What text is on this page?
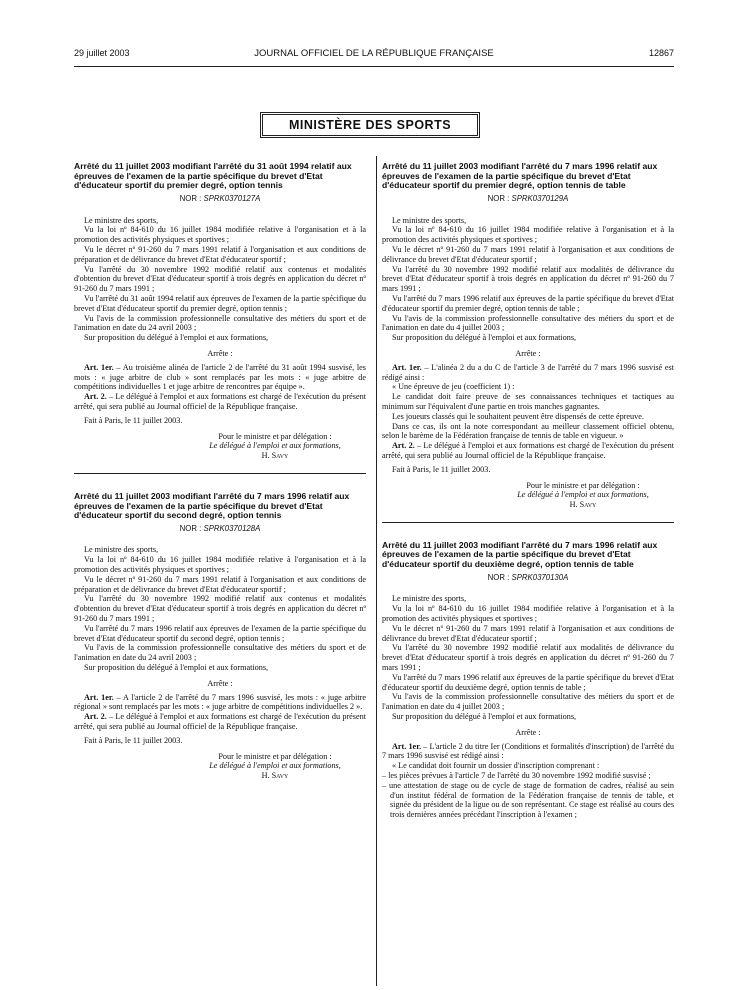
29 juillet 2003	JOURNAL OFFICIEL DE LA RÉPUBLIQUE FRANÇAISE	12867
MINISTÈRE DES SPORTS

Arrêté du 11 juillet 2003 modifiant l'arrêté du 31 août 1994 relatif aux épreuves de l'examen de la partie spécifique du brevet d'Etat d'éducateur sportif du premier degré, option tennis

NOR : SPRK0370127A

Le ministre des sports,

Vu la loi nº 84-610 du 16 juillet 1984 modifiée relative à l'organisation et à la promotion des activités physiques et sportives ;

Vu le décret nº 91-260 du 7 mars 1991 relatif à l'organisation et aux conditions de préparation et de délivrance du brevet d'Etat d'éducateur sportif ;

Vu l'arrêté du 30 novembre 1992 modifié relatif aux contenus et modalités d'obtention du brevet d'Etat d'éducateur sportif à trois degrés en application du décret nº 91-260 du 7 mars 1991 ;

Vu l'arrêté du 31 août 1994 relatif aux épreuves de l'examen de la partie spécifique du brevet d'Etat d'éducateur sportif du premier degré, option tennis ;

Vu l'avis de la commission professionnelle consultative des métiers du sport et de l'animation en date du 24 avril 2003 ;

Sur proposition du délégué à l'emploi et aux formations,

Arrête :

Art. 1er. – Au troisième alinéa de l'article 2 de l'arrêté du 31 août 1994 susvisé, les mots : « juge arbitre de club » sont remplacés par les mots : « juge arbitre de compétitions individuelles 1 et juge arbitre de rencontres par équipe ».

Art. 2. – Le délégué à l'emploi et aux formations est chargé de l'exécution du présent arrêté, qui sera publié au Journal officiel de la République française.

Fait à Paris, le 11 juillet 2003.

Pour le ministre et par délégation :
Le délégué à l'emploi et aux formations,
H. Savy

Arrêté du 11 juillet 2003 modifiant l'arrêté du 7 mars 1996 relatif aux épreuves de l'examen de la partie spécifique du brevet d'Etat d'éducateur sportif du second degré, option tennis

NOR : SPRK0370128A

Le ministre des sports,

Vu la loi nº 84-610 du 16 juillet 1984 modifiée relative à l'organisation et à la promotion des activités physiques et sportives ;

Vu le décret nº 91-260 du 7 mars 1991 relatif à l'organisation et aux conditions de préparation et de délivrance du brevet d'Etat d'éducateur sportif ;

Vu l'arrêté du 30 novembre 1992 modifié relatif aux contenus et modalités d'obtention du brevet d'Etat d'éducateur sportif à trois degrés en application du décret nº 91-260 du 7 mars 1991 ;

Vu l'arrêté du 7 mars 1996 relatif aux épreuves de l'examen de la partie spécifique du brevet d'Etat d'éducateur sportif du second degré, option tennis ;

Vu l'avis de la commission professionnelle consultative des métiers du sport et de l'animation en date du 24 avril 2003 ;

Sur proposition du délégué à l'emploi et aux formations,

Arrête :

Art. 1er. – A l'article 2 de l'arrêté du 7 mars 1996 susvisé, les mots : « juge arbitre régional » sont remplacés par les mots : « juge arbitre de compétitions individuelles 2 ».

Art. 2. – Le délégué à l'emploi et aux formations est chargé de l'exécution du présent arrêté, qui sera publié au Journal officiel de la République française.

Fait à Paris, le 11 juillet 2003.

Pour le ministre et par délégation :
Le délégué à l'emploi et aux formations,
H. Savy

Arrêté du 11 juillet 2003 modifiant l'arrêté du 7 mars 1996 relatif aux épreuves de l'examen de la partie spécifique du brevet d'Etat d'éducateur sportif du premier degré, option tennis de table

NOR : SPRK0370129A

Le ministre des sports,

Vu la loi nº 84-610 du 16 juillet 1984 modifiée relative à l'organisation et à la promotion des activités physiques et sportives ;

Vu le décret nº 91-260 du 7 mars 1991 relatif à l'organisation et aux conditions de délivrance du brevet d'Etat d'éducateur sportif ;

Vu l'arrêté du 30 novembre 1992 modifié relatif aux modalités de délivrance du brevet d'Etat d'éducateur sportif à trois degrés en application du décret nº 91-260 du 7 mars 1991 ;

Vu l'arrêté du 7 mars 1996 relatif aux épreuves de la partie spécifique du brevet d'Etat d'éducateur sportif du premier degré, option tennis de table ;

Vu l'avis de la commission professionnelle consultative des métiers du sport et de l'animation en date du 4 juillet 2003 ;

Sur proposition du délégué à l'emploi et aux formations,

Arrête :

Art. 1er. – L'alinéa 2 du a du C de l'article 3 de l'arrêté du 7 mars 1996 susvisé est rédigé ainsi :

« Une épreuve de jeu (coefficient 1) :

Le candidat doit faire preuve de ses connaissances techniques et tactiques au minimum sur l'équivalent d'une partie en trois manches gagnantes.

Les joueurs classés qui le souhaitent peuvent être dispensés de cette épreuve.

Dans ce cas, ils ont la note correspondant au meilleur classement officiel obtenu, selon le barème de la Fédération française de tennis de table en vigueur. »

Art. 2. – Le délégué à l'emploi et aux formations est chargé de l'exécution du présent arrêté, qui sera publié au Journal officiel de la République française.

Fait à Paris, le 11 juillet 2003.

Pour le ministre et par délégation :
Le délégué à l'emploi et aux formations,
H. Savy

Arrêté du 11 juillet 2003 modifiant l'arrêté du 7 mars 1996 relatif aux épreuves de l'examen de la partie spécifique du brevet d'Etat d'éducateur sportif du deuxième degré, option tennis de table

NOR : SPRK0370130A

Le ministre des sports,

Vu la loi nº 84-610 du 16 juillet 1984 modifiée relative à l'organisation et à la promotion des activités physiques et sportives ;

Vu le décret nº 91-260 du 7 mars 1991 relatif à l'organisation et aux conditions de délivrance du brevet d'Etat d'éducateur sportif ;

Vu l'arrêté du 30 novembre 1992 modifié relatif aux modalités de délivrance du brevet d'Etat d'éducateur sportif à trois degrés en application du décret nº 91-260 du 7 mars 1991 ;

Vu l'arrêté du 7 mars 1996 relatif aux épreuves de la partie spécifique du brevet d'Etat d'éducateur sportif du deuxième degré, option tennis de table ;

Vu l'avis de la commission professionnelle consultative des métiers du sport et de l'animation en date du 4 juillet 2003 ;

Sur proposition du délégué à l'emploi et aux formations,

Arrête :

Art. 1er. – L'article 2 du titre Ier (Conditions et formalités d'inscription) de l'arrêté du 7 mars 1996 susvisé est rédigé ainsi :

« Le candidat doit fournir un dossier d'inscription comprenant :

– les pièces prévues à l'article 7 de l'arrêté du 30 novembre 1992 modifié susvisé ;

– une attestation de stage ou de cycle de stage de formation de cadres, réalisé au sein d'un institut fédéral de formation de la Fédération française de tennis de table, et signée du président de la ligue ou de son représentant. Ce stage est réalisé au cours des trois dernières années précédant l'inscription à l'examen ;
